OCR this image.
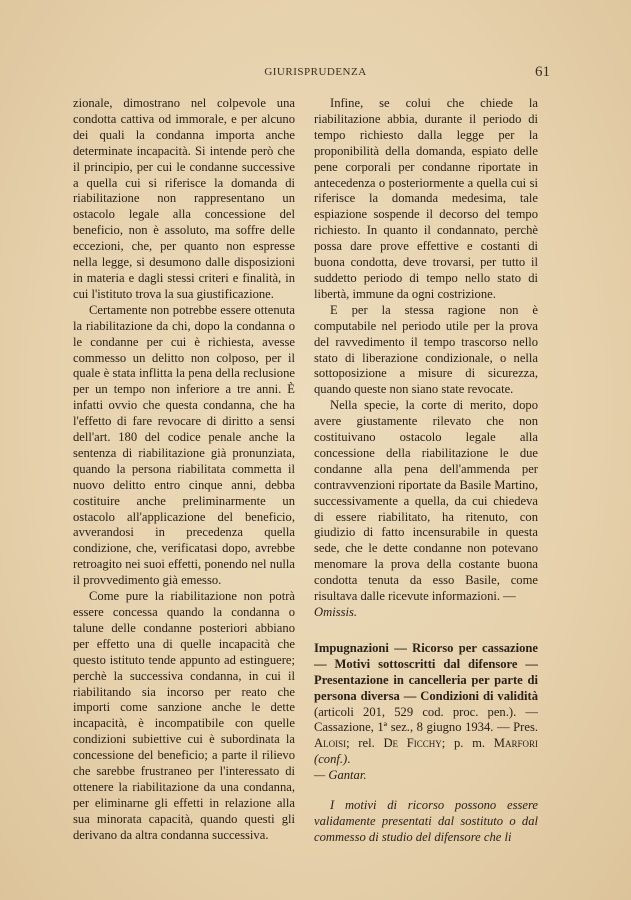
GIURISPRUDENZA	61

zionale, dimostrano nel colpevole una condotta cattiva od immorale, e per alcuno dei quali la condanna importa anche determinate incapacità. Si intende però che il principio, per cui le condanne successive a quella cui si riferisce la domanda di riabilitazione non rappresentano un ostacolo legale alla concessione del beneficio, non è assoluto, ma soffre delle eccezioni, che, per quanto non espresse nella legge, si desumono dalle disposizioni in materia e dagli stessi criteri e finalità, in cui l'istituto trova la sua giustificazione.

Certamente non potrebbe essere ottenuta la riabilitazione da chi, dopo la condanna o le condanne per cui è richiesta, avesse commesso un delitto non colposo, per il quale è stata inflitta la pena della reclusione per un tempo non inferiore a tre anni. È infatti ovvio che questa condanna, che ha l'effetto di fare revocare di diritto a sensi dell'art. 180 del codice penale anche la sentenza di riabilitazione già pronunziata, quando la persona riabilitata commetta il nuovo delitto entro cinque anni, debba costituire anche preliminarmente un ostacolo all'applicazione del beneficio, avverandosi in precedenza quella condizione, che, verificatasi dopo, avrebbe retroagito nei suoi effetti, ponendo nel nulla il provvedimento già emesso.

Come pure la riabilitazione non potrà essere concessa quando la condanna o talune delle condanne posteriori abbiano per effetto una di quelle incapacità che questo istituto tende appunto ad estinguere; perchè la successiva condanna, in cui il riabilitando sia incorso per reato che importi come sanzione anche le dette incapacità, è incompatibile con quelle condizioni subiettive cui è subordinata la concessione del beneficio; a parte il rilievo che sarebbe frustraneo per l'interessato di ottenere la riabilitazione da una condanna, per eliminarne gli effetti in relazione alla sua minorata capacità, quando questi gli derivano da altra condanna successiva.

Infine, se colui che chiede la riabilitazione abbia, durante il periodo di tempo richiesto dalla legge per la proponibilità della domanda, espiato delle pene corporali per condanne riportate in antecedenza o posteriormente a quella cui si riferisce la domanda medesima, tale espiazione sospende il decorso del tempo richiesto. In quanto il condannato, perchè possa dare prove effettive e costanti di buona condotta, deve trovarsi, per tutto il suddetto periodo di tempo nello stato di libertà, immune da ogni costrizione.

E per la stessa ragione non è computabile nel periodo utile per la prova del ravvedimento il tempo trascorso nello stato di liberazione condizionale, o nella sottoposizione a misure di sicurezza, quando queste non siano state revocate.

Nella specie, la corte di merito, dopo avere giustamente rilevato che non costituivano ostacolo legale alla concessione della riabilitazione le due condanne alla pena dell'ammenda per contravvenzioni riportate da Basile Martino, successivamente a quella, da cui chiedeva di essere riabilitato, ha ritenuto, con giudizio di fatto incensurabile in questa sede, che le dette condanne non potevano menomare la prova della costante buona condotta tenuta da esso Basile, come risultava dalle ricevute informazioni. —
Omissis.

Impugnazioni — Ricorso per cassazione — Motivi sottoscritti dal difensore — Presentazione in cancelleria per parte di persona diversa — Condizioni di validità (articoli 201, 529 cod. proc. pen.). — Cassazione, 1ª sez., 8 giugno 1934. — Pres. Aloisi; rel. De Ficchy; p. m. Marfori (conf.).
— Gantar.

I motivi di ricorso possono essere validamente presentati dal sostituto o dal commesso di studio del difensore che li
